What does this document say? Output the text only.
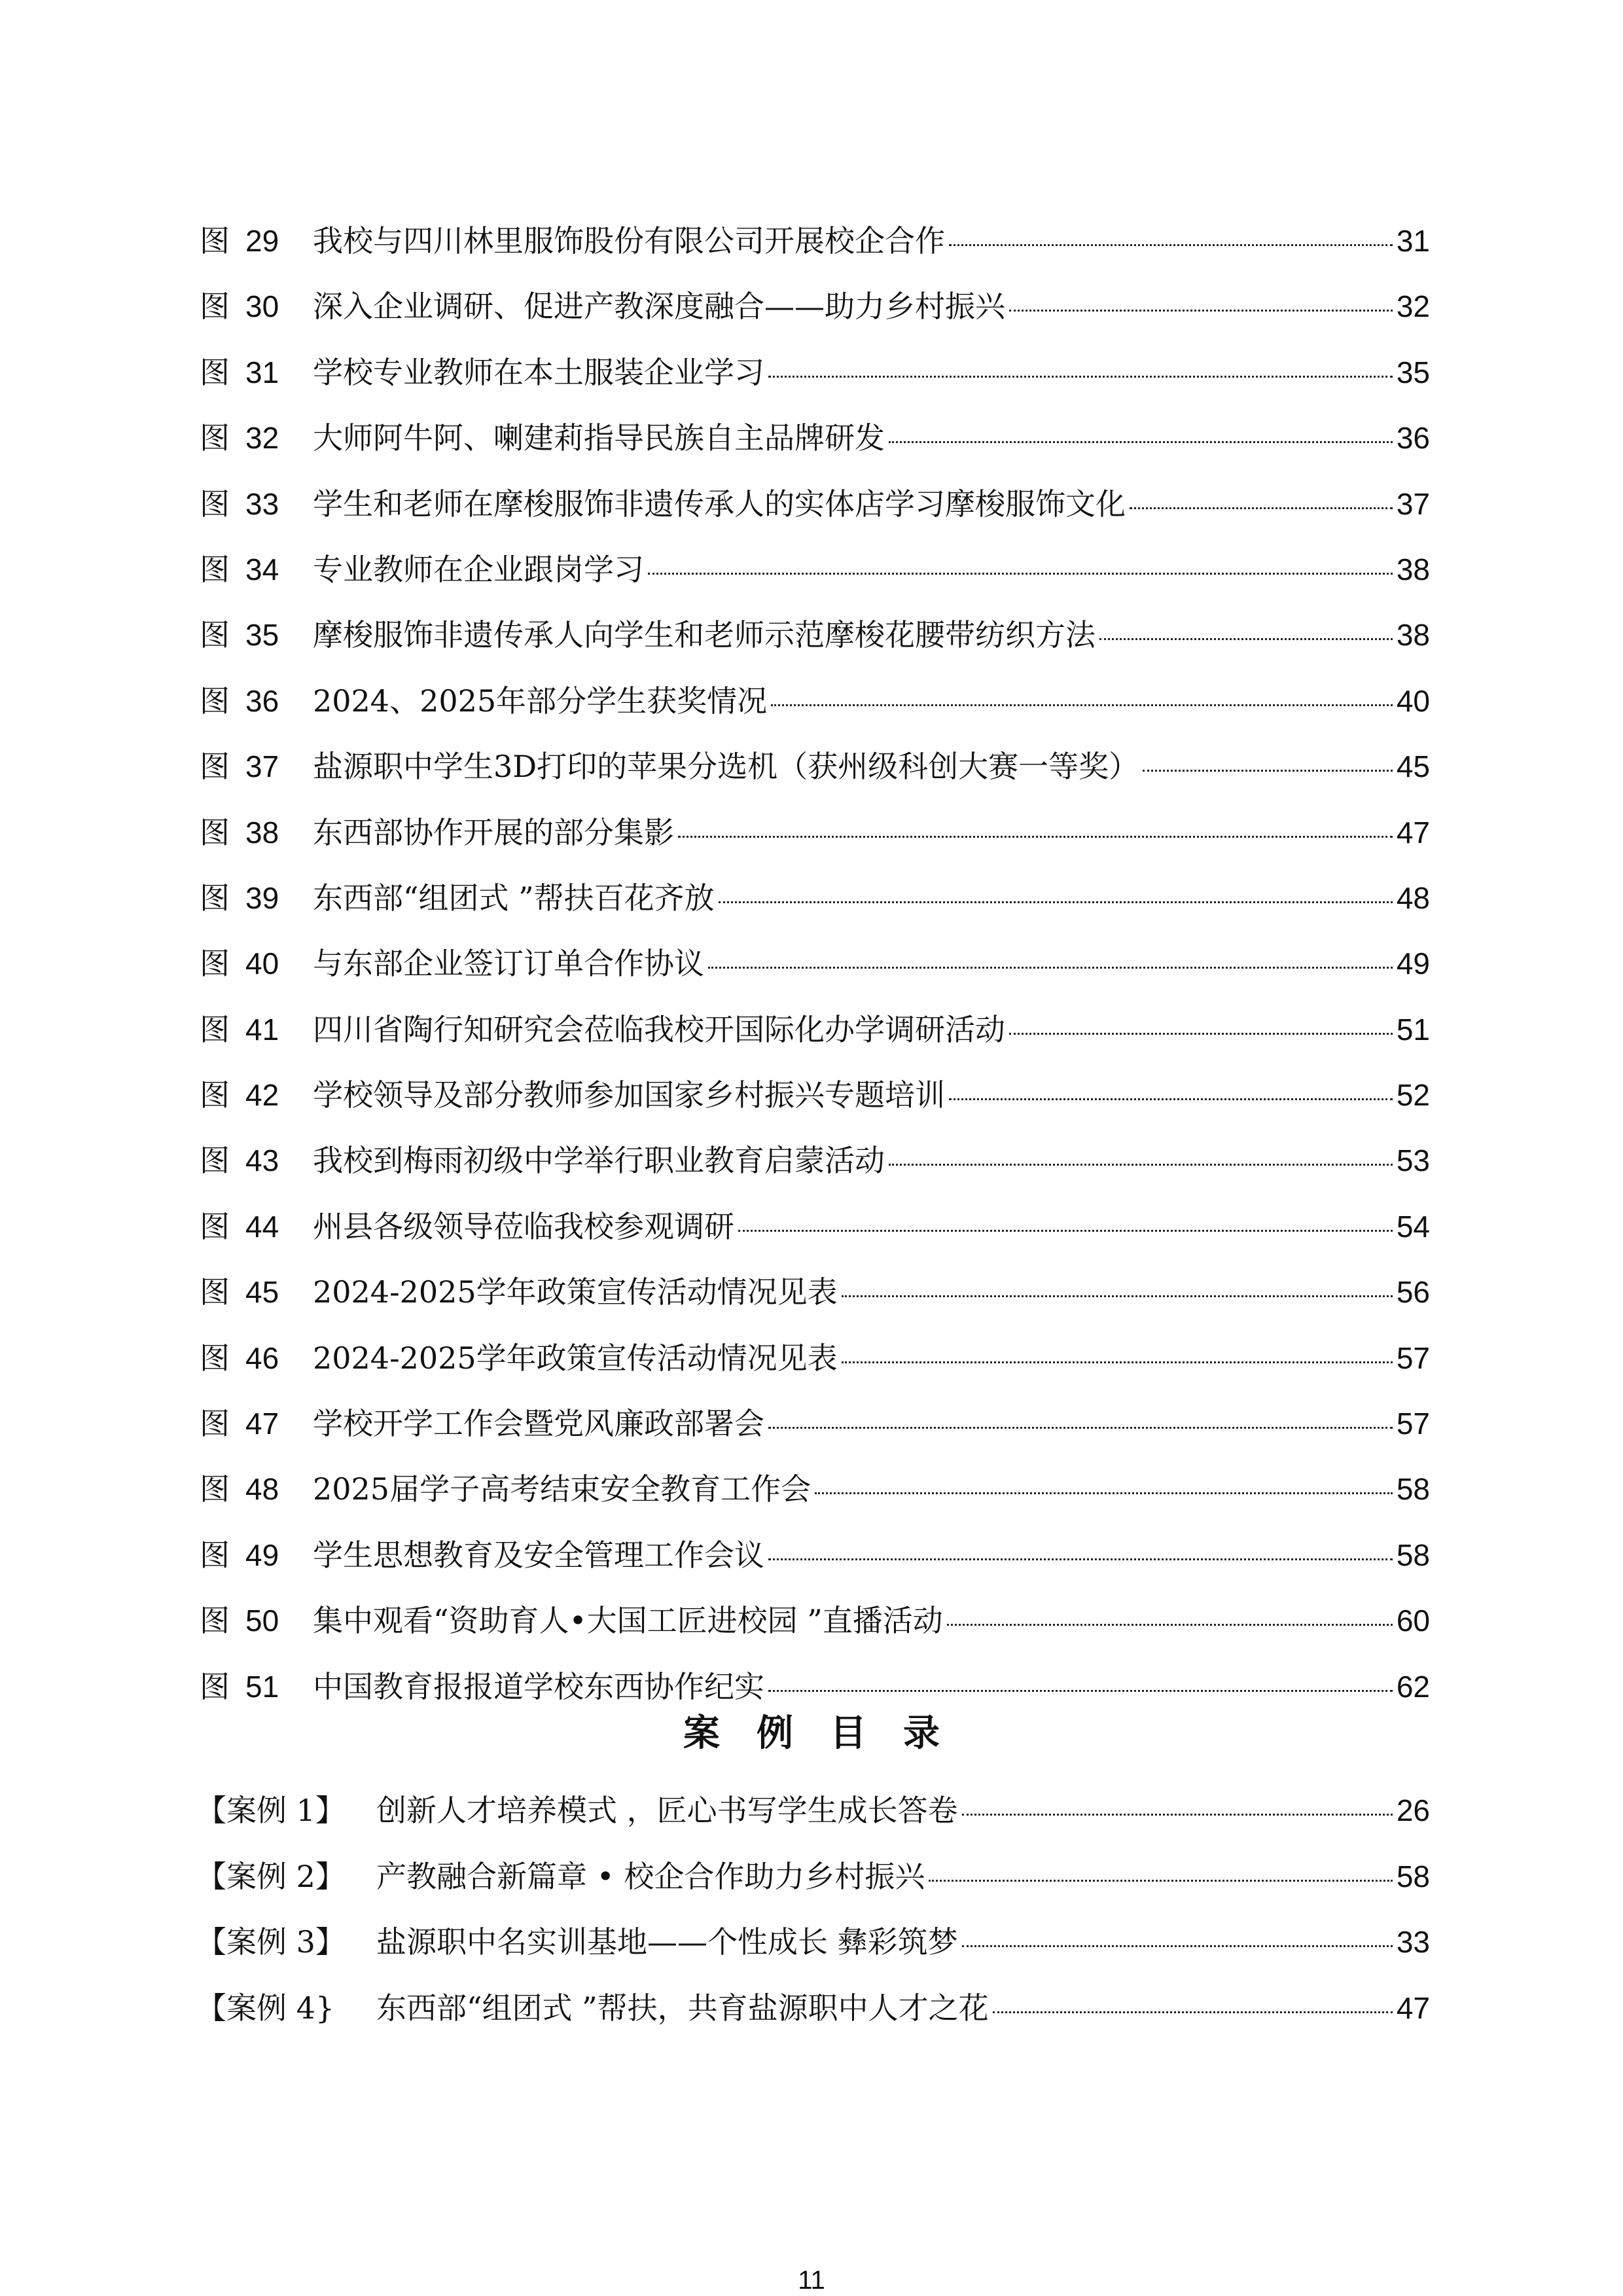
图 29	我校与四川林里服饰股份有限公司开展校企合作	31
图 30	深入企业调研、促进产教深度融合——助力乡村振兴	32
图 31	学校专业教师在本土服装企业学习	35
图 32	大师阿牛阿、喇建莉指导民族自主品牌研发	36
图 33	学生和老师在摩梭服饰非遗传承人的实体店学习摩梭服饰文化	37
图 34	专业教师在企业跟岗学习	38
图 35	摩梭服饰非遗传承人向学生和老师示范摩梭花腰带纺织方法	38
图 36	2024、2025年部分学生获奖情况	40
图 37	盐源职中学生3D打印的苹果分选机（获州级科创大赛一等奖）	45
图 38	东西部协作开展的部分集影	47
图 39	东西部“组团式 ”帮扶百花齐放	48
图 40	与东部企业签订订单合作协议	49
图 41	四川省陶行知研究会莅临我校开国际化办学调研活动	51
图 42	学校领导及部分教师参加国家乡村振兴专题培训	52
图 43	我校到梅雨初级中学举行职业教育启蒙活动	53
图 44	州县各级领导莅临我校参观调研	54
图 45	2024-2025学年政策宣传活动情况见表	56
图 46	2024-2025学年政策宣传活动情况见表	57
图 47	学校开学工作会暨党风廉政部署会	57
图 48	2025届学子高考结束安全教育工作会	58
图 49	学生思想教育及安全管理工作会议	58
图 50	集中观看“资助育人•大国工匠进校园 ”直播活动	60
图 51	中国教育报报道学校东西协作纪实	62
案例目录
【案例 1】	创新人才培养模式 ，匠心书写学生成长答卷	26
【案例 2】	产教融合新篇章 • 校企合作助力乡村振兴	58
【案例 3】	盐源职中名实训基地——个性成长 彝彩筑梦	33
【案例 4}	东西部“组团式 ”帮扶，共育盐源职中人才之花	47
11
